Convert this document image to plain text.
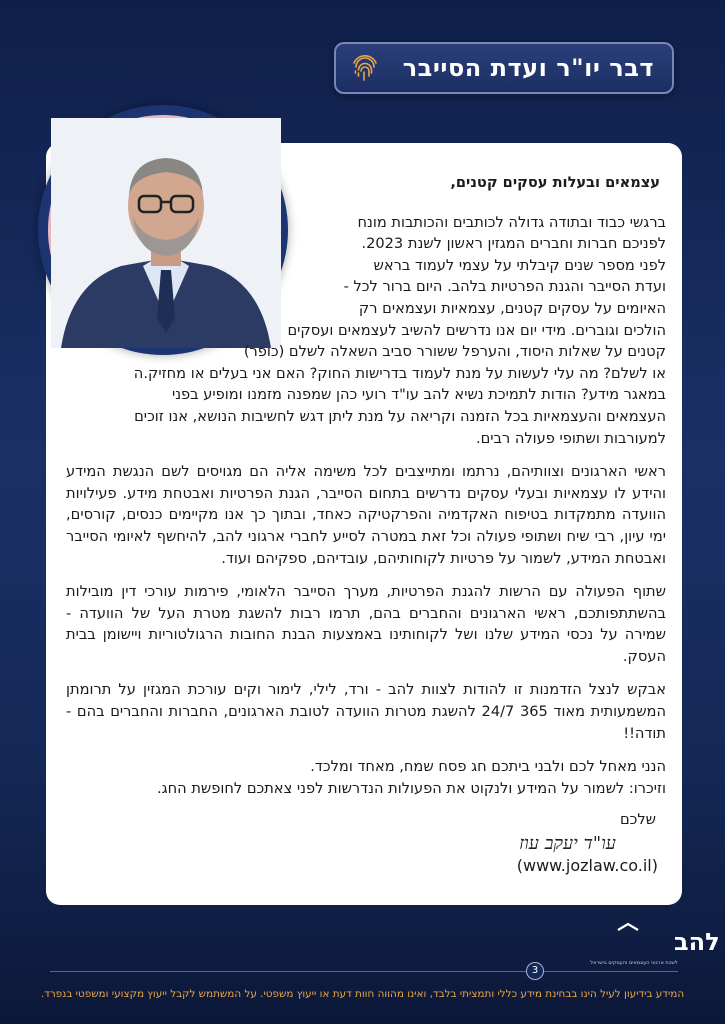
דבר יו"ר ועדת הסייבר
עצמאים ובעלות עסקים קטנים,
ברגשי כבוד ובתודה גדולה לכותבים והכותבות מונח
לפניכם חברות וחברים המגזין ראשון לשנת 2023.
לפני מספר שנים קיבלתי על עצמי לעמוד בראש
ועדת הסייבר והגנת הפרטיות בלהב. היום ברור לכל -
האיומים על עסקים קטנים, עצמאיות ועצמאים רק
הולכים וגוברים. מידי יום אנו נדרשים להשיב לעצמאים ועסקים
קטנים על שאלות היסוד, והערפל ששורר סביב השאלה לשלם (כופר)
או לשלם? מה עלי לעשות על מנת לעמוד בדרישות החוק? האם אני בעלים או מחזיק.ה
במאגר מידע? הודות לתמיכת נשיא להב עו"ד רועי כהן שמפנה מזמנו ומופיע בפני
העצמאים והעצמאיות בכל הזמנה וקריאה על מנת ליתן דגש לחשיבות הנושא, אנו זוכים
למעורבות ושתופי פעולה רבים.

ראשי הארגונים וצוותיהם, נרתמו ומתייצבים לכל משימה אליה הם מגויסים לשם הנגשת המידע והידע לו עצמאיות ובעלי עסקים נדרשים בתחום הסייבר, הגנת הפרטיות ואבטחת מידע. פעילויות הוועדה מתמקדות בטיפוח האקדמיה והפרקטיקה כאחד, ובתוך כך אנו מקיימים כנסים, קורסים, ימי עיון, רבי שיח ושתופי פעולה וכל זאת במטרה לסייע לחברי ארגוני להב, להיחשף לאיומי הסייבר ואבטחת המידע, לשמור על פרטיות לקוחותיהם, עובדיהם, ספקיהם ועוד.

שתוף הפעולה עם הרשות להגנת הפרטיות, מערך הסייבר הלאומי, פירמות עורכי דין מובילות בהשתתפותכם, ראשי הארגונים והחברים בהם, תרמו רבות להשגת מטרת העל של הוועדה - שמירה על נכסי המידע שלנו ושל לקוחותינו באמצעות הבנת החובות הרגולטוריות ויישומן בבית העסק.

אבקש לנצל הזדמנות זו להודות לצוות להב - ורד, לילי, לימור וקים עורכת המגזין על תרומתן המשמעותית מאוד 365 24/7 להשגת מטרות הוועדה לטובת הארגונים, החברות והחברים בהם - תודה!!

הנני מאחל לכם ולבני ביתכם חג פסח שמח, מאחד ומלכד.
וזיכרו: לשמור על המידע ולנקוט את הפעולות הנדרשות לפני צאתכם לחופשת החג.
שלכם
עו"ד יעקב עוז
(www.jozlaw.co.il)
להב
לשכת ארגוני העצמאים והעסקים בישראל
3
המידע בידיעון לעיל הינו בבחינת מידע כללי ותמציתי בלבד, ואינו מהווה חוות דעת או ייעוץ משפטי. על המשתמש לקבל ייעוץ מקצועי ומשפטי בנפרד.
